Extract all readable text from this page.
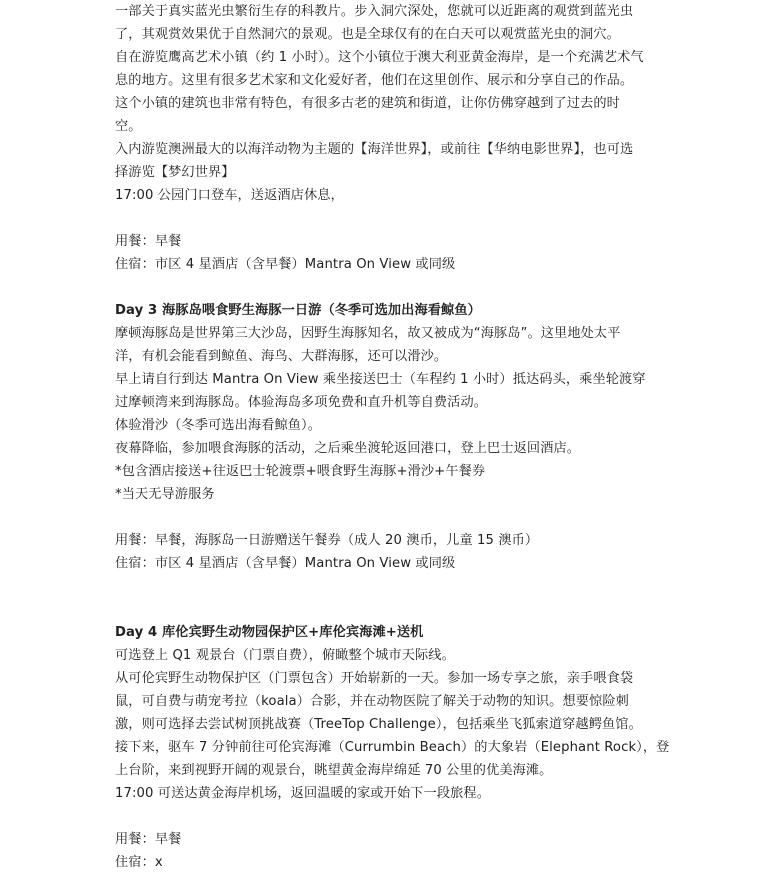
一部关于真实蓝光虫繁衍生存的科教片。步入洞穴深处，您就可以近距离的观赏到蓝光虫
了，其观赏效果优于自然洞穴的景观。也是全球仅有的在白天可以观赏蓝光虫的洞穴。
自在游览鹰高艺术小镇（约 1 小时）。这个小镇位于澳大利亚黄金海岸，是一个充满艺术气
息的地方。这里有很多艺术家和文化爱好者，他们在这里创作、展示和分享自己的作品。
这个小镇的建筑也非常有特色，有很多古老的建筑和街道，让你仿佛穿越到了过去的时
空。
入内游览澳洲最大的以海洋动物为主题的【海洋世界】，或前往【华纳电影世界】，也可选
择游览【梦幻世界】
17:00 公园门口登车，送返酒店休息，
用餐：早餐
住宿：市区 4 星酒店（含早餐）Mantra On View 或同级
Day 3 海豚岛喂食野生海豚一日游（冬季可选加出海看鲸鱼）
摩顿海豚岛是世界第三大沙岛，因野生海豚知名，故又被成为“海豚岛”。这里地处太平
洋，有机会能看到鲸鱼、海鸟、大群海豚，还可以滑沙。
早上请自行到达 Mantra On View 乘坐接送巴士（车程约 1 小时）抵达码头，乘坐轮渡穿
过摩顿湾来到海豚岛。体验海岛多项免费和直升机等自费活动。
体验滑沙（冬季可选出海看鲸鱼）。
夜幕降临，参加喂食海豚的活动，之后乘坐渡轮返回港口，登上巴士返回酒店。
*包含酒店接送+往返巴士轮渡票+喂食野生海豚+滑沙+午餐券
*当天无导游服务
用餐：早餐，海豚岛一日游赠送午餐券（成人 20 澳币，儿童 15 澳币）
住宿：市区 4 星酒店（含早餐）Mantra On View 或同级
Day 4 库伦宾野生动物园保护区+库伦宾海滩+送机
可选登上 Q1 观景台（门票自费），俯瞰整个城市天际线。
从可伦宾野生动物保护区（门票包含）开始崭新的一天。参加一场专享之旅，亲手喂食袋
鼠，可自费与萌宠考拉（koala）合影，并在动物医院了解关于动物的知识。想要惊险刺
激，则可选择去尝试树顶挑战赛（TreeTop Challenge），包括乘坐飞狐索道穿越鳄鱼馆。
接下来，驱车 7 分钟前往可伦宾海滩（Currumbin Beach）的大象岩（Elephant Rock），登
上台阶，来到视野开阔的观景台，眺望黄金海岸绵延 70 公里的优美海滩。
17:00 可送达黄金海岸机场，返回温暖的家或开始下一段旅程。
用餐：早餐
住宿：x
